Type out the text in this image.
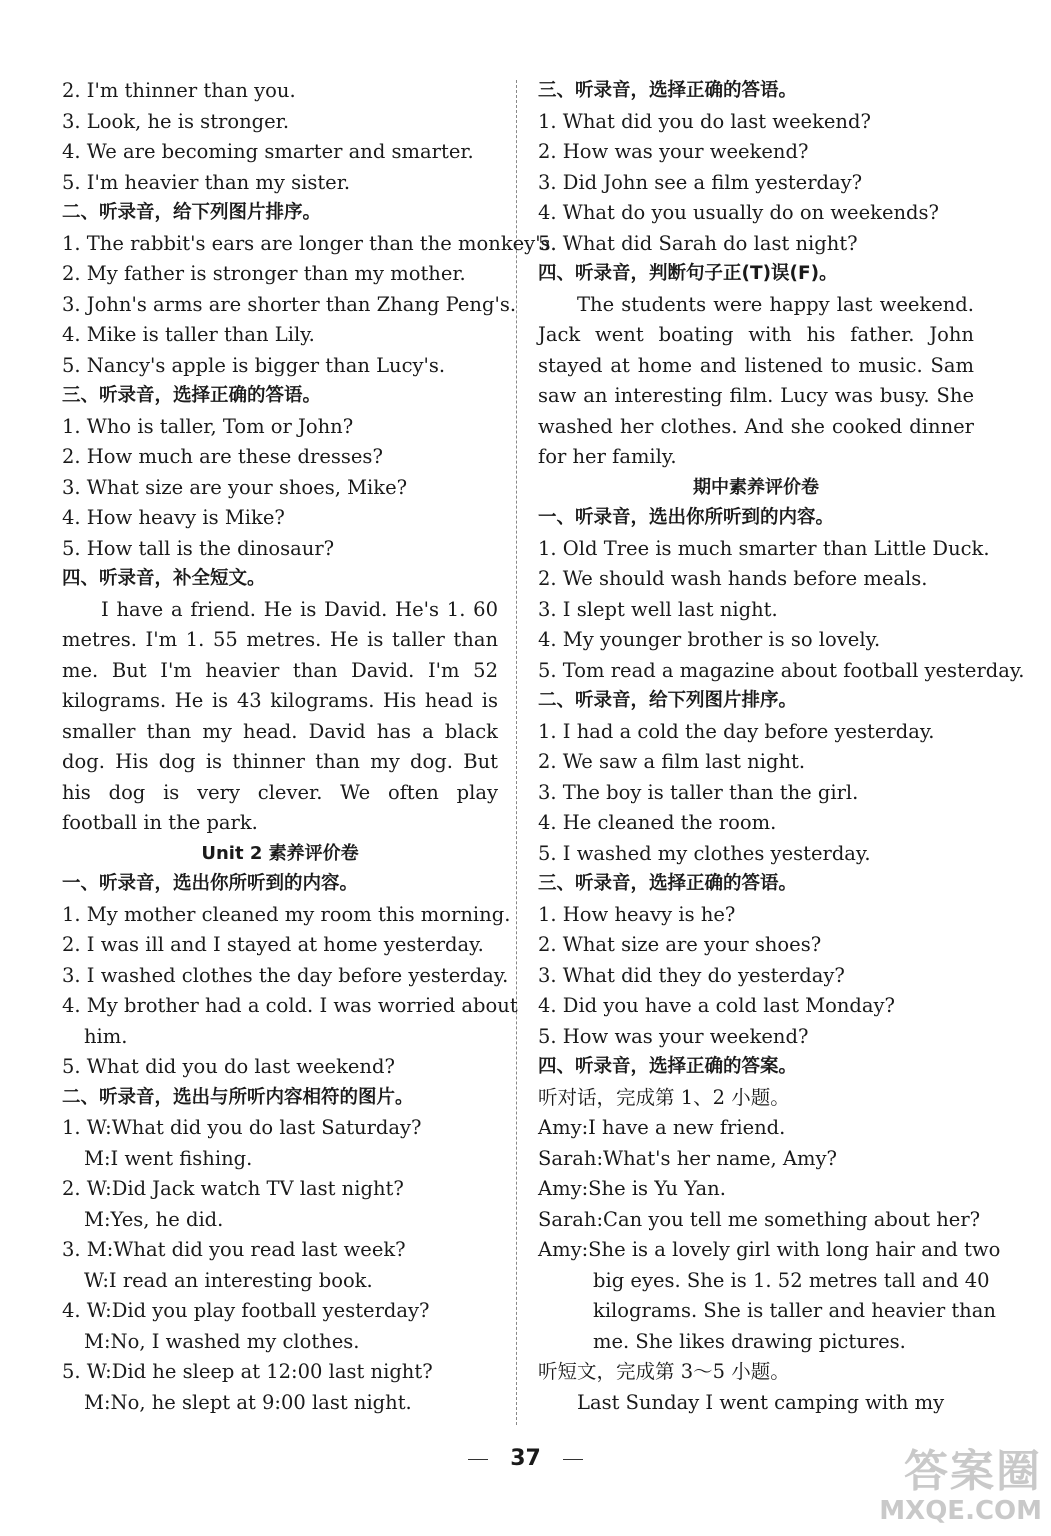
2. I'm thinner than you.
3. Look, he is stronger.
4. We are becoming smarter and smarter.
5. I'm heavier than my sister.
二、听录音，给下列图片排序。
1. The rabbit's ears are longer than the monkey's.
2. My father is stronger than my mother.
3. John's arms are shorter than Zhang Peng's.
4. Mike is taller than Lily.
5. Nancy's apple is bigger than Lucy's.
三、听录音，选择正确的答语。
1. Who is taller, Tom or John?
2. How much are these dresses?
3. What size are your shoes, Mike?
4. How heavy is Mike?
5. How tall is the dinosaur?
四、听录音，补全短文。
I have a friend. He is David. He's 1. 60 metres. I'm 1. 55 metres. He is taller than me. But I'm heavier than David. I'm 52 kilograms. He is 43 kilograms. His head is smaller than my head. David has a black dog. His dog is thinner than my dog. But his dog is very clever. We often play football in the park.
Unit 2 素养评价卷
一、听录音，选出你所听到的内容。
1. My mother cleaned my room this morning.
2. I was ill and I stayed at home yesterday.
3. I washed clothes the day before yesterday.
4. My brother had a cold. I was worried about
him.
5. What did you do last weekend?
二、听录音，选出与所听内容相符的图片。
1. W:What did you do last Saturday?
M:I went fishing.
2. W:Did Jack watch TV last night?
M:Yes, he did.
3. M:What did you read last week?
W:I read an interesting book.
4. W:Did you play football yesterday?
M:No, I washed my clothes.
5. W:Did he sleep at 12:00 last night?
M:No, he slept at 9:00 last night.
三、听录音，选择正确的答语。
1. What did you do last weekend?
2. How was your weekend?
3. Did John see a film yesterday?
4. What do you usually do on weekends?
5. What did Sarah do last night?
四、听录音，判断句子正(T)误(F)。
The students were happy last weekend. Jack went boating with his father. John stayed at home and listened to music. Sam saw an interesting film. Lucy was busy. She washed her clothes. And she cooked dinner for her family.
期中素养评价卷
一、听录音，选出你所听到的内容。
1. Old Tree is much smarter than Little Duck.
2. We should wash hands before meals.
3. I slept well last night.
4. My younger brother is so lovely.
5. Tom read a magazine about football yesterday.
二、听录音，给下列图片排序。
1. I had a cold the day before yesterday.
2. We saw a film last night.
3. The boy is taller than the girl.
4. He cleaned the room.
5. I washed my clothes yesterday.
三、听录音，选择正确的答语。
1. How heavy is he?
2. What size are your shoes?
3. What did they do yesterday?
4. Did you have a cold last Monday?
5. How was your weekend?
四、听录音，选择正确的答案。
听对话，完成第 1、2 小题。
Amy:I have a new friend.
Sarah:What's her name, Amy?
Amy:She is Yu Yan.
Sarah:Can you tell me something about her?
Amy:She is a lovely girl with long hair and two
big eyes. She is 1. 52 metres tall and 40
kilograms. She is taller and heavier than
me. She likes drawing pictures.
听短文，完成第 3～5 小题。
Last Sunday I went camping with my
37	答案圈
MXQE.COM
